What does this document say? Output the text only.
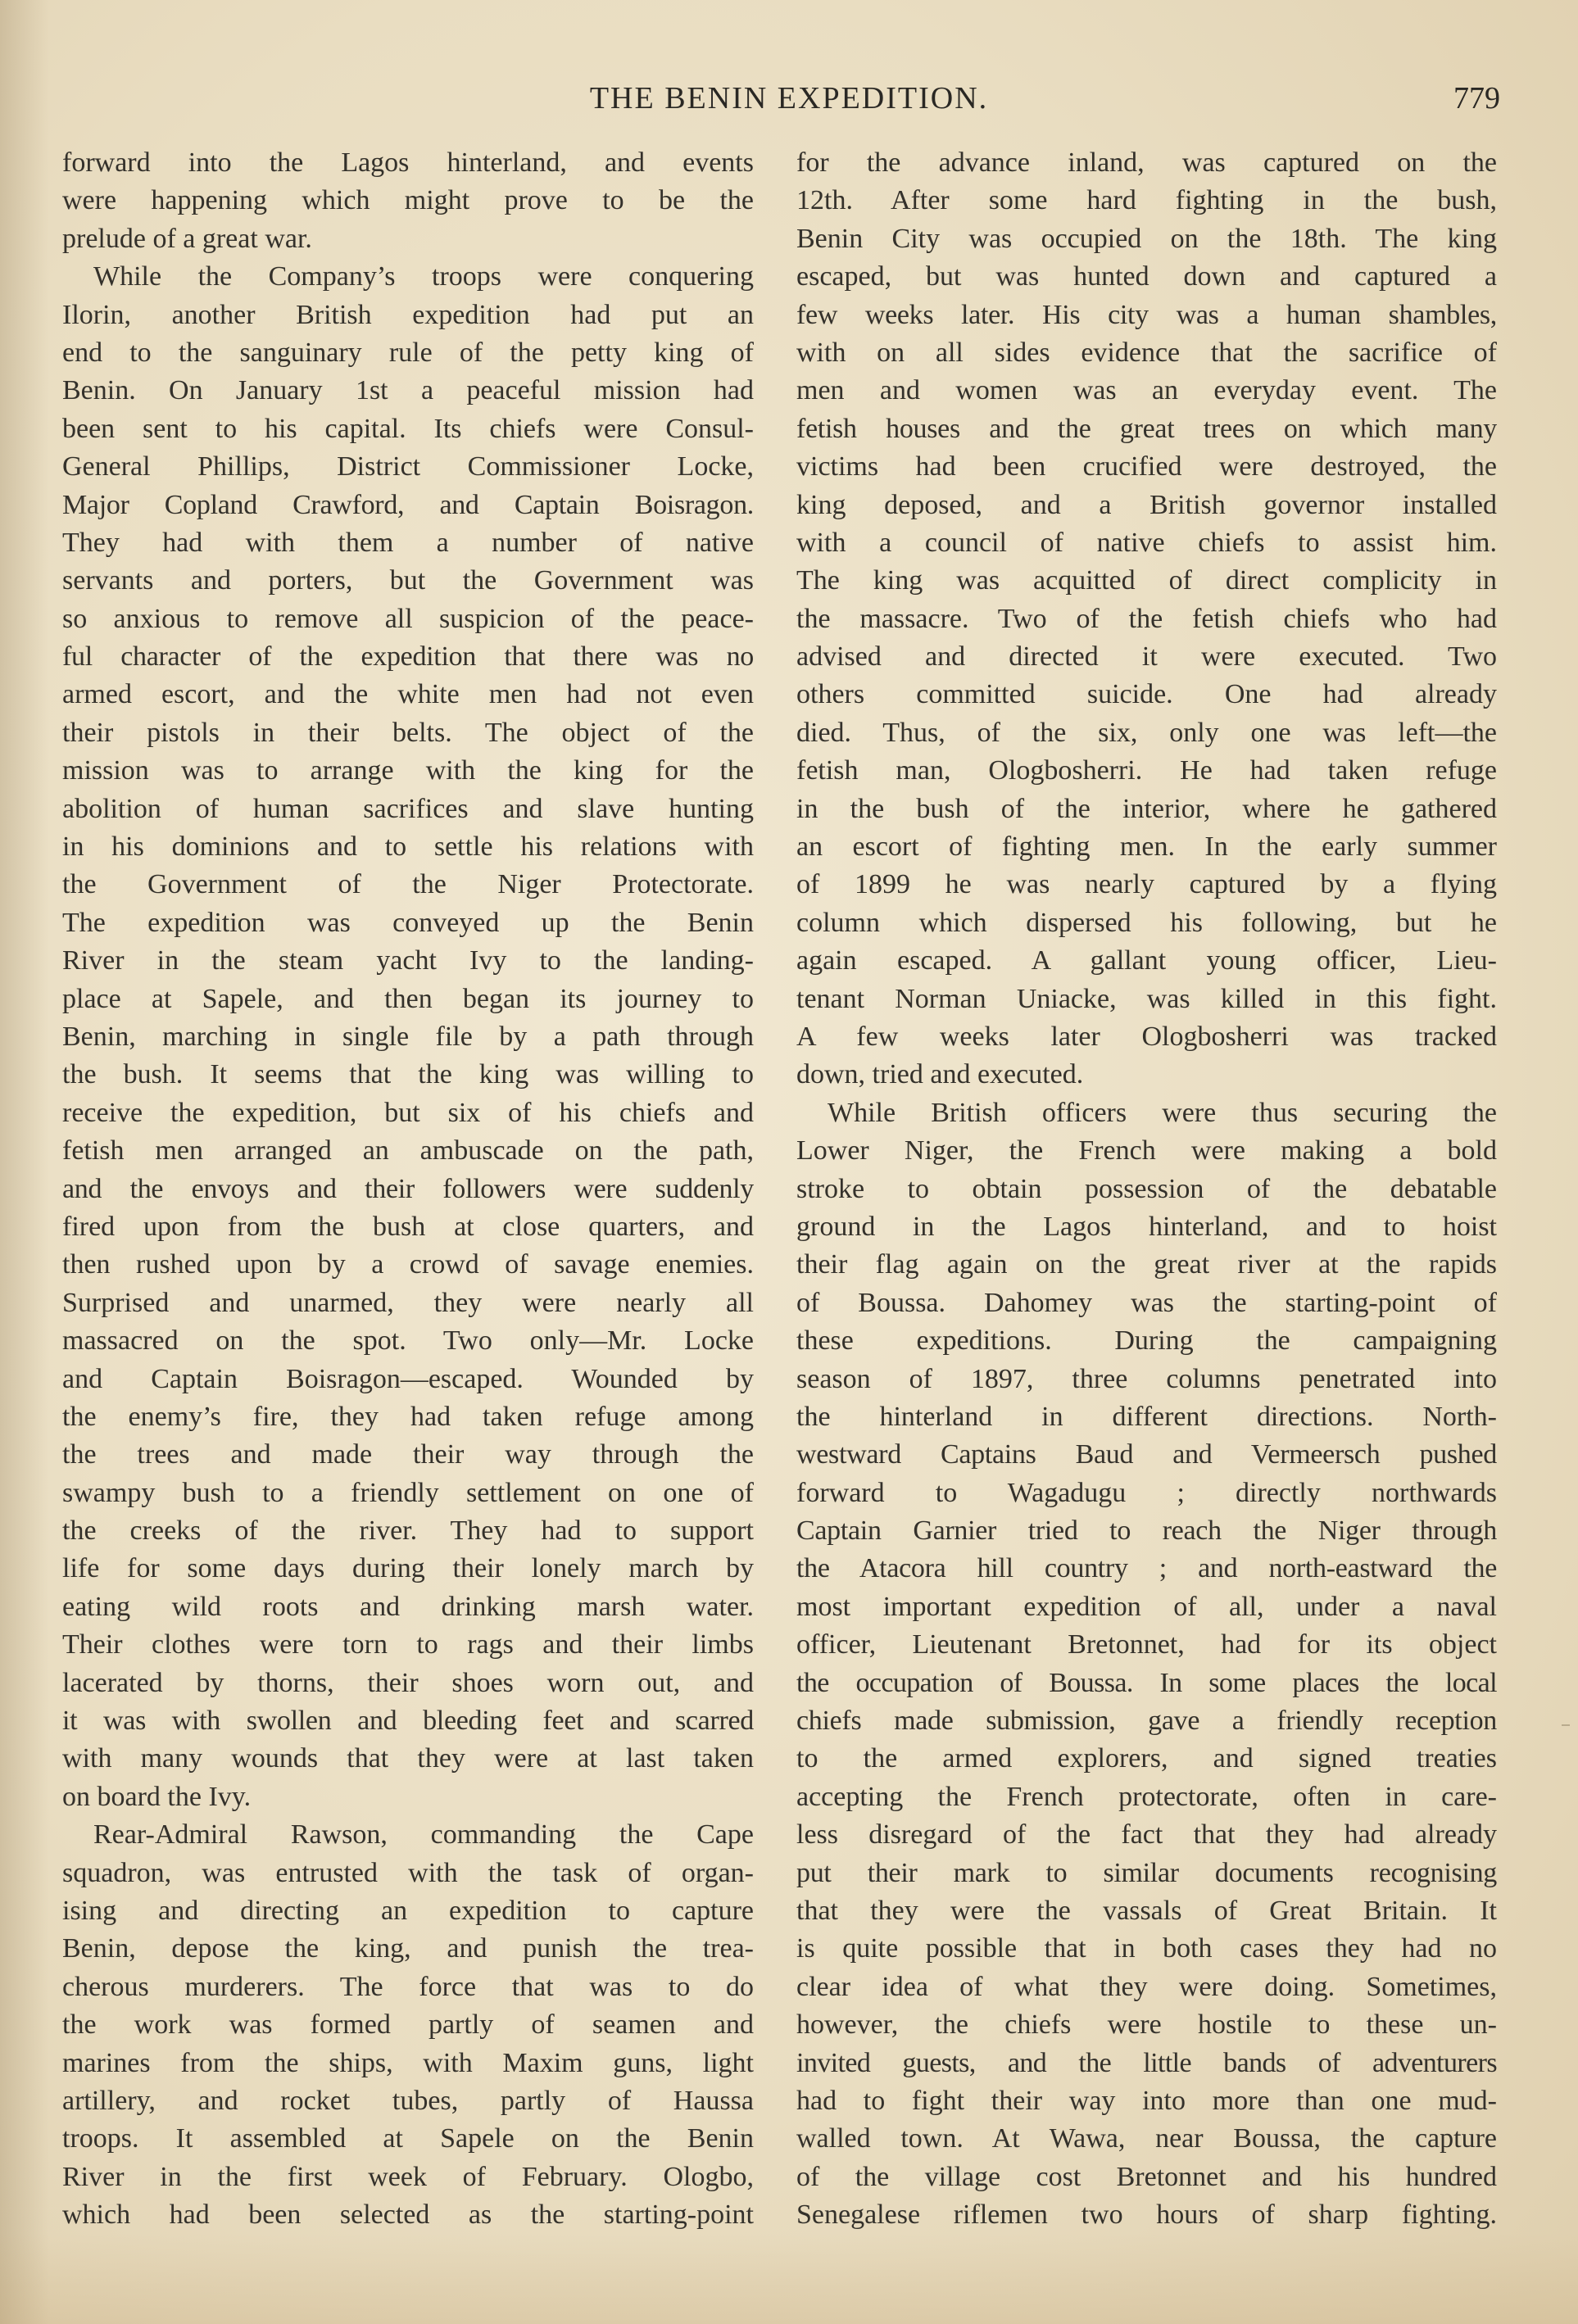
THE BENIN EXPEDITION.	779
forward into the Lagos hinterland, and events
were happening which might prove to be the
prelude of a great war.
While the Company’s troops were conquering
Ilorin, another British expedition had put an
end to the sanguinary rule of the petty king of
Benin. On January 1st a peaceful mission had
been sent to his capital. Its chiefs were Consul-
General Phillips, District Commissioner Locke,
Major Copland Crawford, and Captain Boisragon.
They had with them a number of native
servants and porters, but the Government was
so anxious to remove all suspicion of the peace-
ful character of the expedition that there was no
armed escort, and the white men had not even
their pistols in their belts. The object of the
mission was to arrange with the king for the
abolition of human sacrifices and slave hunting
in his dominions and to settle his relations with
the Government of the Niger Protectorate.
The expedition was conveyed up the Benin
River in the steam yacht Ivy to the landing-
place at Sapele, and then began its journey to
Benin, marching in single file by a path through
the bush. It seems that the king was willing to
receive the expedition, but six of his chiefs and
fetish men arranged an ambuscade on the path,
and the envoys and their followers were suddenly
fired upon from the bush at close quarters, and
then rushed upon by a crowd of savage enemies.
Surprised and unarmed, they were nearly all
massacred on the spot. Two only—Mr. Locke
and Captain Boisragon—escaped. Wounded by
the enemy’s fire, they had taken refuge among
the trees and made their way through the
swampy bush to a friendly settlement on one of
the creeks of the river. They had to support
life for some days during their lonely march by
eating wild roots and drinking marsh water.
Their clothes were torn to rags and their limbs
lacerated by thorns, their shoes worn out, and
it was with swollen and bleeding feet and scarred
with many wounds that they were at last taken
on board the Ivy.
Rear-Admiral Rawson, commanding the Cape
squadron, was entrusted with the task of organ-
ising and directing an expedition to capture
Benin, depose the king, and punish the trea-
cherous murderers. The force that was to do
the work was formed partly of seamen and
marines from the ships, with Maxim guns, light
artillery, and rocket tubes, partly of Haussa
troops. It assembled at Sapele on the Benin
River in the first week of February. Ologbo,
which had been selected as the starting-point
for the advance inland, was captured on the
12th. After some hard fighting in the bush,
Benin City was occupied on the 18th. The king
escaped, but was hunted down and captured a
few weeks later. His city was a human shambles,
with on all sides evidence that the sacrifice of
men and women was an everyday event. The
fetish houses and the great trees on which many
victims had been crucified were destroyed, the
king deposed, and a British governor installed
with a council of native chiefs to assist him.
The king was acquitted of direct complicity in
the massacre. Two of the fetish chiefs who had
advised and directed it were executed. Two
others committed suicide. One had already
died. Thus, of the six, only one was left—the
fetish man, Ologbosherri. He had taken refuge
in the bush of the interior, where he gathered
an escort of fighting men. In the early summer
of 1899 he was nearly captured by a flying
column which dispersed his following, but he
again escaped. A gallant young officer, Lieu-
tenant Norman Uniacke, was killed in this fight.
A few weeks later Ologbosherri was tracked
down, tried and executed.
While British officers were thus securing the
Lower Niger, the French were making a bold
stroke to obtain possession of the debatable
ground in the Lagos hinterland, and to hoist
their flag again on the great river at the rapids
of Boussa. Dahomey was the starting-point of
these expeditions. During the campaigning
season of 1897, three columns penetrated into
the hinterland in different directions. North-
westward Captains Baud and Vermeersch pushed
forward to Wagadugu ; directly northwards
Captain Garnier tried to reach the Niger through
the Atacora hill country ; and north-eastward the
most important expedition of all, under a naval
officer, Lieutenant Bretonnet, had for its object
the occupation of Boussa. In some places the local
chiefs made submission, gave a friendly reception
to the armed explorers, and signed treaties
accepting the French protectorate, often in care-
less disregard of the fact that they had already
put their mark to similar documents recognising
that they were the vassals of Great Britain. It
is quite possible that in both cases they had no
clear idea of what they were doing. Sometimes,
however, the chiefs were hostile to these un-
invited guests, and the little bands of adventurers
had to fight their way into more than one mud-
walled town. At Wawa, near Boussa, the capture
of the village cost Bretonnet and his hundred
Senegalese riflemen two hours of sharp fighting.
